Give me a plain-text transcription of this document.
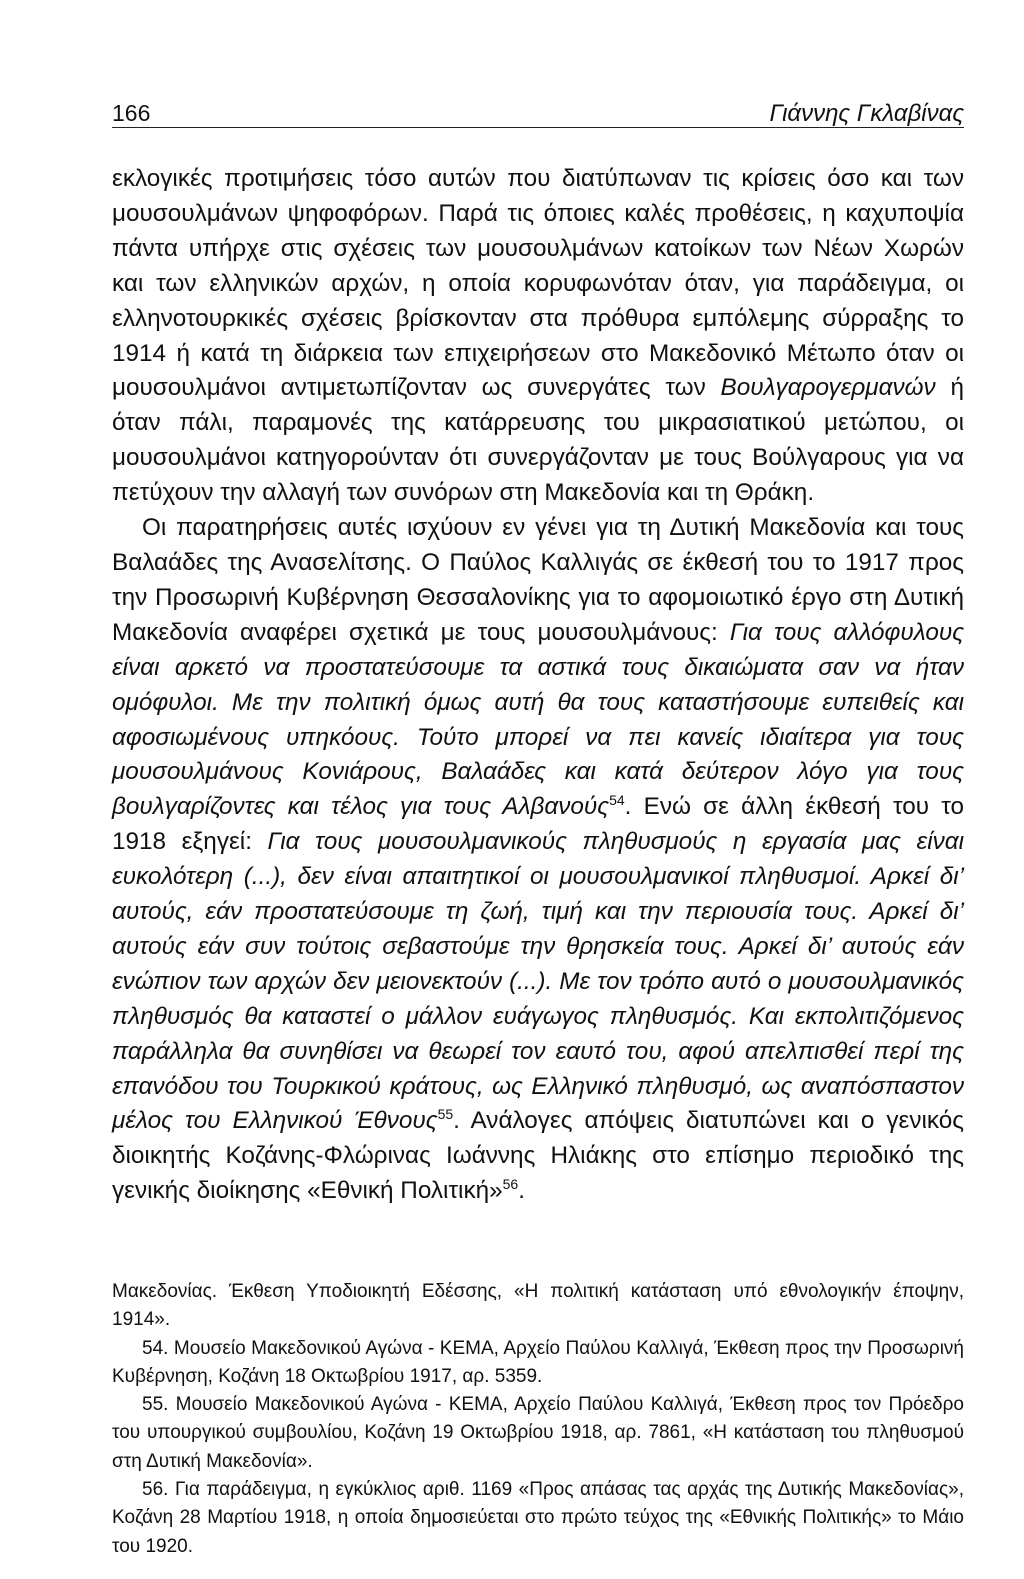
166	Γιάννης Γκλαβίνας

εκλογικές προτιμήσεις τόσο αυτών που διατύπωναν τις κρίσεις όσο και των μουσουλμάνων ψηφοφόρων. Παρά τις όποιες καλές προθέσεις, η καχυποψία πάντα υπήρχε στις σχέσεις των μουσουλμάνων κατοίκων των Νέων Χωρών και των ελληνικών αρχών, η οποία κορυφωνόταν όταν, για παράδειγμα, οι ελληνοτουρκικές σχέσεις βρίσκονταν στα πρόθυρα εμπόλεμης σύρραξης το 1914 ή κατά τη διάρκεια των επιχειρήσεων στο Μακεδονικό Μέτωπο όταν οι μουσουλμάνοι αντιμετωπίζονταν ως συνεργάτες των Βουλγαρογερμανών ή όταν πάλι, παραμονές της κατάρρευσης του μικρασιατικού μετώπου, οι μουσουλμάνοι κατηγορούνταν ότι συνεργάζονταν με τους Βούλγαρους για να πετύχουν την αλλαγή των συνόρων στη Μακεδονία και τη Θράκη.

Οι παρατηρήσεις αυτές ισχύουν εν γένει για τη Δυτική Μακεδονία και τους Βαλαάδες της Ανασελίτσης. Ο Παύλος Καλλιγάς σε έκθεσή του το 1917 προς την Προσωρινή Κυβέρνηση Θεσσαλονίκης για το αφομοιωτικό έργο στη Δυτική Μακεδονία αναφέρει σχετικά με τους μουσουλμάνους: Για τους αλλόφυλους είναι αρκετό να προστατεύσουμε τα αστικά τους δικαιώματα σαν να ήταν ομόφυλοι. Με την πολιτική όμως αυτή θα τους καταστήσουμε ευπειθείς και αφοσιωμένους υπηκόους. Τούτο μπορεί να πει κανείς ιδιαίτερα για τους μουσουλμάνους Κονιάρους, Βαλαάδες και κατά δεύτερον λόγο για τους βουλγαρίζοντες και τέλος για τους Αλβανούς$^{54}$. Ενώ σε άλλη έκθεσή του το 1918 εξηγεί: Για τους μουσουλμανικούς πληθυσμούς η εργασία μας είναι ευκολότερη (...), δεν είναι απαιτητικοί οι μουσουλμανικοί πληθυσμοί. Αρκεί δι’ αυτούς, εάν προστατεύσουμε τη ζωή, τιμή και την περιουσία τους. Αρκεί δι’ αυτούς εάν συν τούτοις σεβαστούμε την θρησκεία τους. Αρκεί δι’ αυτούς εάν ενώπιον των αρχών δεν μειονεκτούν (...). Με τον τρόπο αυτό ο μουσουλμανικός πληθυσμός θα καταστεί ο μάλλον ευάγωγος πληθυσμός. Και εκπολιτιζόμενος παράλληλα θα συνηθίσει να θεωρεί τον εαυτό του, αφού απελπισθεί περί της επανόδου του Τουρκικού κράτους, ως Ελληνικό πληθυσμό, ως αναπόσπαστον μέλος του Ελληνικού Έθνους$^{55}$. Ανάλογες απόψεις διατυπώνει και ο γενικός διοικητής Κοζάνης-Φλώρινας Ιωάννης Ηλιάκης στο επίσημο περιοδικό της γενικής διοίκησης «Εθνική Πολιτική»$^{56}$.

Μακεδονίας. Έκθεση Υποδιοικητή Εδέσσης, «Η πολιτική κατάσταση υπό εθνολογικήν έποψην, 1914».

54. Μουσείο Μακεδονικού Αγώνα - ΚΕΜΑ, Αρχείο Παύλου Καλλιγά, Έκθεση προς την Προσωρινή Κυβέρνηση, Κοζάνη 18 Οκτωβρίου 1917, αρ. 5359.

55. Μουσείο Μακεδονικού Αγώνα - ΚΕΜΑ, Αρχείο Παύλου Καλλιγά, Έκθεση προς τον Πρόεδρο του υπουργικού συμβουλίου, Κοζάνη 19 Οκτωβρίου 1918, αρ. 7861, «Η κατάσταση του πληθυσμού στη Δυτική Μακεδονία».

56. Για παράδειγμα, η εγκύκλιος αριθ. 1169 «Προς απάσας τας αρχάς της Δυτικής Μακεδονίας», Κοζάνη 28 Μαρτίου 1918, η οποία δημοσιεύεται στο πρώτο τεύχος της «Εθνικής Πολιτικής» το Μάιο του 1920.
